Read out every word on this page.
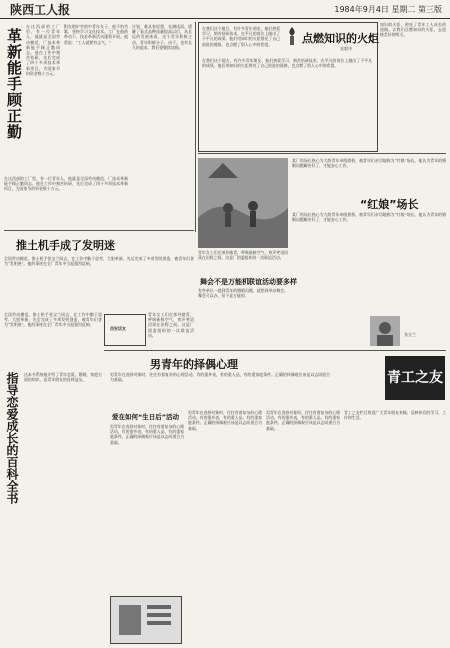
陕西工人报	1984年9月4日 星期二 第三版
革新能手顾正勤
在这西部的工厂里，有一位青年人，他就是全国劳动模范、厂技术革新能手顾正勤同志。他在工作中刻苦钻研，先后完成了四十多项技术革新项目，为国家节约资金数十万元。
附在锻炉旁的中青年女子，他不怕苦累，坚持学习文化技术。工厂在他的带动下，技术革新活动蓬勃开展。他常说：“工人就要有志气。”
计划，难从家里我，在测试面，缓解了看式品种质量提高以后，从长远的发展来看，这个青年积极主动，青年积极分子，由于，也有长久的追求，我们要继续加强。
在我们这个地方，有许多青年朋友，他们热爱学习，刻苦钻研技术，在平凡的岗位上做出了不平凡的成绩。他们用知识的火炬照亮了自己前进的道路，也点燃了别人心中的希望。	点燃知识的火炬
张毅诗
在我们这个地方，有许多青年朋友，他们热爱学习，刻苦钻研技术，在平凡的岗位上做出了不平凡的成绩。他们用知识的火炬照亮了自己前进的道路，也点燃了别人心中的希望。
知识的火炬，照亮了青年工人成长的道路。让我们点燃知识的火炬，去迎接美好的明天。
在这西部的工厂里，有一位青年人，他就是全国劳动模范、厂技术革新能手顾正勤同志。他在工作中刻苦钻研，先后完成了四十多项技术革新项目，为国家节约资金数十万元。
推土机手成了发明迷
全国劳动模范、推土机手张宝兰同志，在工作中勤于思考，大胆革新，先后完成了多项发明创造，被青年们誉为“发明迷”。他的事迹在全厂青年中引起强烈反响。
青年女工们在郊外踏青，呼吸新鲜空气，欢声笑语回荡在田野之间。这是厂团委组织的一次联谊活动。
某厂的场长热心为大龄青年牵线搭桥，被青年们亲切地称为“红娘”场长。他认为青年的婚姻问题解决好了，才能安心工作。
“红娘”场长
某厂的场长热心为大龄青年牵线搭桥，被青年们亲切地称为“红娘”场长。他认为青年的婚姻问题解决好了，才能安心工作。
舞会不是万能机 联谊活动要多样
有些单位一提到青年的婚姻问题，就想到举办舞会。舞会可以办，但不是万能的。
全国劳动模范、推土机手张宝兰同志，在工作中勤于思考，大胆革新，先后完成了多项发明创造，被青年们誉为“发明迷”。他的事迹在全厂青年中引起强烈反响。
西安话友
青年女工们在郊外踏青，呼吸新鲜空气，欢声笑语回荡在田野之间。这是厂团委组织的一次联谊活动。	张宝兰
男青年的择偶心理
男青年在选择对象时，往往有着复杂的心理活动。有的重外表，有的重人品，有的重家庭条件。正确的择偶观应该是以志同道合为基础。	青工之友
指导恋爱成长的百科全书	这本书系统地介绍了青年恋爱、婚姻、家庭方面的知识，是青年朋友的良师益友。
爱在如何“生日后”活动
男青年在选择对象时，往往有着复杂的心理活动。有的重外表，有的重人品，有的重家庭条件。正确的择偶观应该是以志同道合为基础。
男青年在选择对象时，往往有着复杂的心理活动。有的重外表，有的重人品，有的重家庭条件。正确的择偶观应该是以志同道合为基础。
男青年在选择对象时，往往有着复杂的心理活动。有的重外表，有的重人品，有的重家庭条件。正确的择偶观应该是以志同道合为基础。
青工之友栏目欢迎广大青年朋友来稿，反映你们的学习、工作和生活。
